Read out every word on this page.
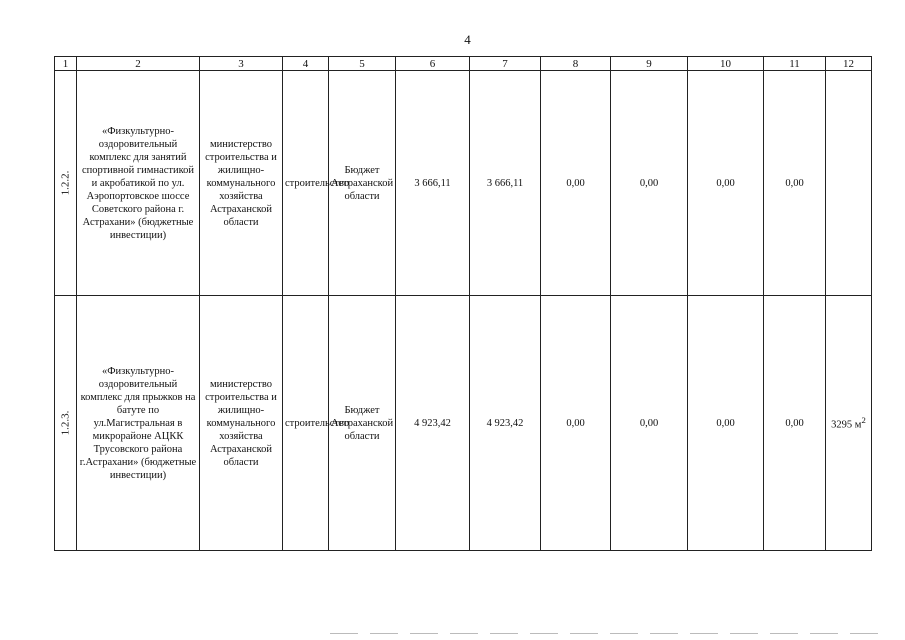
4
1	2	3	4	5	6	7	8	9	10	11	12

1.2.2.	«Физкультурно-оздоровительный комплекс для занятий спортивной гимнастикой и акробатикой по ул. Аэропортовское шоссе Советского района г. Астрахани» (бюджетные инвестиции)	министерство строительства и жилищно-коммунального хозяйства Астраханской области	строительство	Бюджет Астраханской области	3 666,11	3 666,11	0,00	0,00	0,00	0,00	

1.2.3.	«Физкультурно-оздоровительный комплекс для прыжков на батуте по ул.Магистральная в микрорайоне АЦКК Трусовского района г.Астрахани» (бюджетные инвестиции)	министерство строительства и жилищно-коммунального хозяйства Астраханской области	строительство	Бюджет Астраханской области	4 923,42	4 923,42	0,00	0,00	0,00	0,00	3295 $м^2$
